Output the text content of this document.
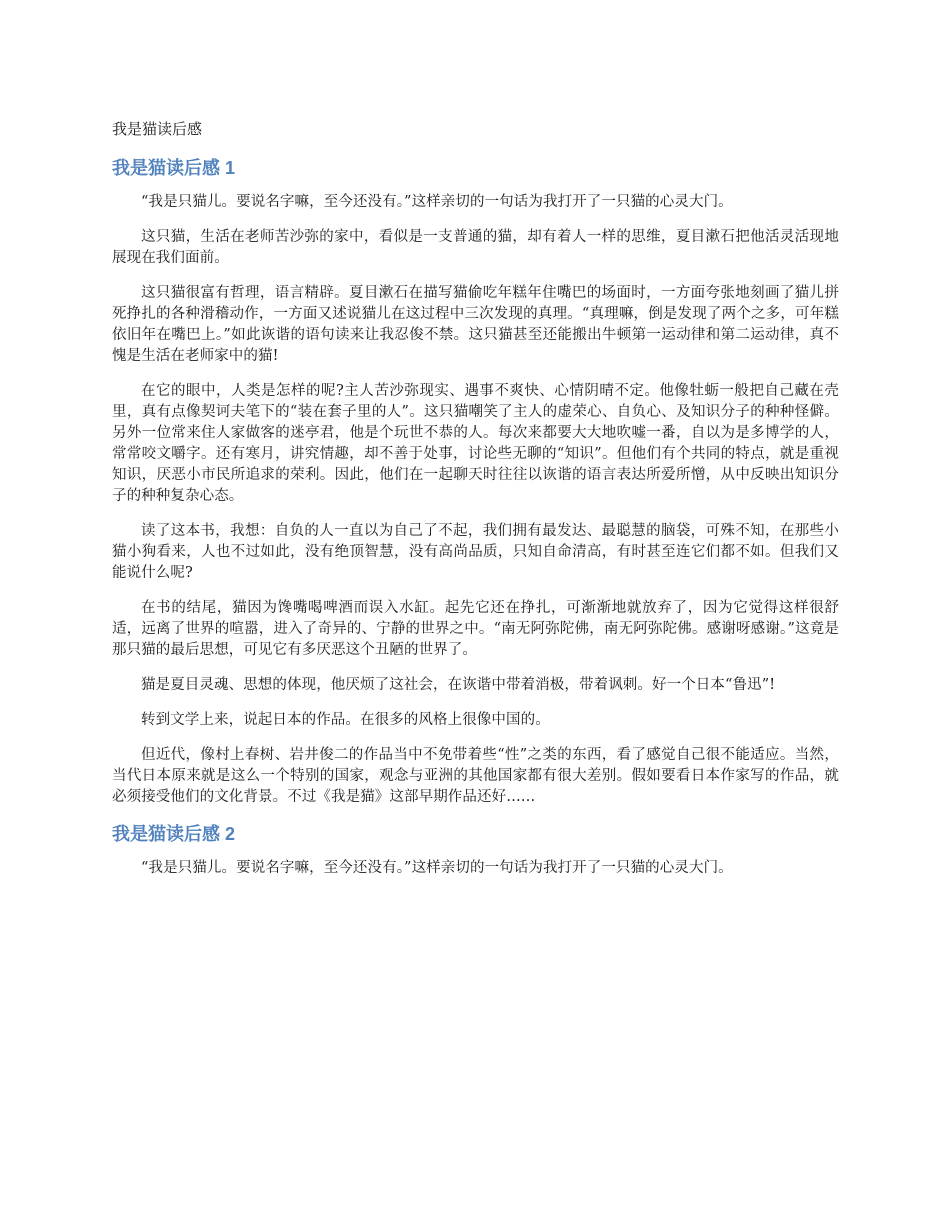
我是猫读后感
我是猫读后感 1

“我是只猫儿。要说名字嘛，至今还没有。”这样亲切的一句话为我打开了一只猫的心灵大门。

这只猫，生活在老师苦沙弥的家中，看似是一支普通的猫，却有着人一样的思维，夏目漱石把他活灵活现地展现在我们面前。

这只猫很富有哲理，语言精辟。夏目漱石在描写猫偷吃年糕年住嘴巴的场面时，一方面夸张地刻画了猫儿拼死挣扎的各种滑稽动作，一方面又述说猫儿在这过程中三次发现的真理。“真理嘛，倒是发现了两个之多，可年糕依旧年在嘴巴上。”如此诙谐的语句读来让我忍俊不禁。这只猫甚至还能搬出牛顿第一运动律和第二运动律，真不愧是生活在老师家中的猫!

在它的眼中，人类是怎样的呢?主人苦沙弥现实、遇事不爽快、心情阴晴不定。他像牡蛎一般把自己藏在壳里，真有点像契诃夫笔下的“装在套子里的人”。这只猫嘲笑了主人的虚荣心、自负心、及知识分子的种种怪僻。另外一位常来住人家做客的迷亭君，他是个玩世不恭的人。每次来都要大大地吹嘘一番，自以为是多博学的人，常常咬文嚼字。还有寒月，讲究情趣，却不善于处事，讨论些无聊的“知识”。但他们有个共同的特点，就是重视知识，厌恶小市民所追求的荣利。因此，他们在一起聊天时往往以诙谐的语言表达所爱所憎，从中反映出知识分子的种种复杂心态。

读了这本书，我想：自负的人一直以为自己了不起，我们拥有最发达、最聪慧的脑袋，可殊不知，在那些小猫小狗看来，人也不过如此，没有绝顶智慧，没有高尚品质，只知自命清高，有时甚至连它们都不如。但我们又能说什么呢?

在书的结尾，猫因为馋嘴喝啤酒而误入水缸。起先它还在挣扎，可渐渐地就放弃了，因为它觉得这样很舒适，远离了世界的喧嚣，进入了奇异的、宁静的世界之中。“南无阿弥陀佛，南无阿弥陀佛。感谢呀感谢。”这竟是那只猫的最后思想，可见它有多厌恶这个丑陋的世界了。

猫是夏目灵魂、思想的体现，他厌烦了这社会，在诙谐中带着消极，带着讽刺。好一个日本“鲁迅”!

转到文学上来，说起日本的作品。在很多的风格上很像中国的。

但近代，像村上春树、岩井俊二的作品当中不免带着些“性”之类的东西，看了感觉自己很不能适应。当然，当代日本原来就是这么一个特别的国家，观念与亚洲的其他国家都有很大差别。假如要看日本作家写的作品，就必须接受他们的文化背景。不过《我是猫》这部早期作品还好……

我是猫读后感 2

“我是只猫儿。要说名字嘛，至今还没有。”这样亲切的一句话为我打开了一只猫的心灵大门。
